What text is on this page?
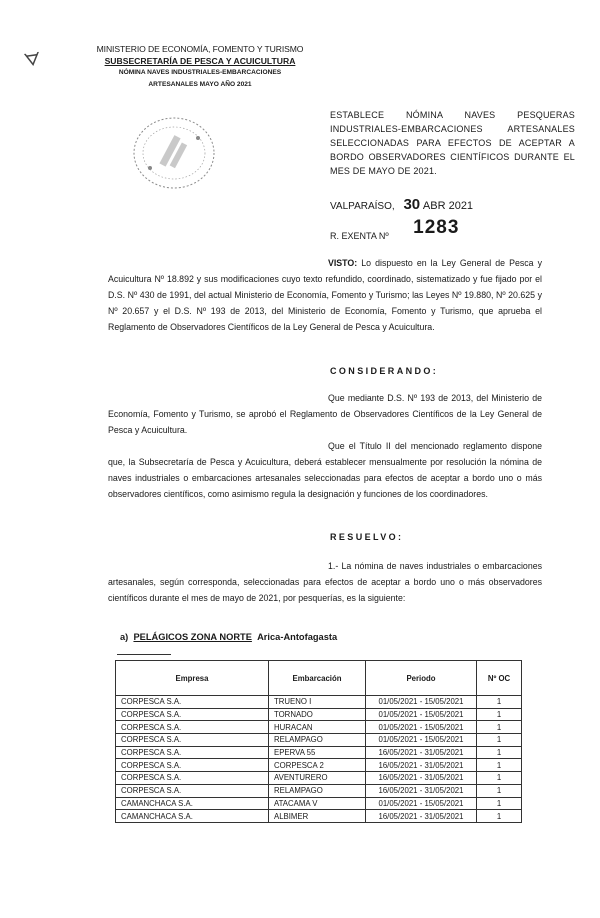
ᗊ	MINISTERIO DE ECONOMÍA, FOMENTO Y TURISMO
SUBSECRETARÍA DE PESCA Y ACUICULTURA
NÓMINA NAVES INDUSTRIALES-EMBARCACIONES
ARTESANALES MAYO AÑO 2021
ESTABLECE NÓMINA NAVES PESQUERAS INDUSTRIALES-EMBARCACIONES ARTESANALES SELECCIONADAS PARA EFECTOS DE ACEPTAR A BORDO OBSERVADORES CIENTÍFICOS DURANTE EL MES DE MAYO DE 2021.
VALPARAÍSO, 30 ABR 2021
R. EXENTA Nº 1283
VISTO: Lo dispuesto en la Ley General de Pesca y Acuicultura Nº 18.892 y sus modificaciones cuyo texto refundido, coordinado, sistematizado y fue fijado por el D.S. Nº 430 de 1991, del actual Ministerio de Economía, Fomento y Turismo; las Leyes Nº 19.880, Nº 20.625 y Nº 20.657 y el D.S. Nº 193 de 2013, del Ministerio de Economía, Fomento y Turismo, que aprueba el Reglamento de Observadores Científicos de la Ley General de Pesca y Acuicultura.
CONSIDERANDO:
Que mediante D.S. Nº 193 de 2013, del Ministerio de Economía, Fomento y Turismo, se aprobó el Reglamento de Observadores Científicos de la Ley General de Pesca y Acuicultura.
Que el Título II del mencionado reglamento dispone que, la Subsecretaría de Pesca y Acuicultura, deberá establecer mensualmente por resolución la nómina de naves industriales o embarcaciones artesanales seleccionadas para efectos de aceptar a bordo uno o más observadores científicos, como asimismo regula la designación y funciones de los coordinadores.
RESUELVO:
1.- La nómina de naves industriales o embarcaciones artesanales, según corresponda, seleccionadas para efectos de aceptar a bordo uno o más observadores científicos durante el mes de mayo de 2021, por pesquerías, es la siguiente:
a) PELÁGICOS ZONA NORTE Arica-Antofagasta
Empresa	Embarcación	Periodo	Nº OC
CORPESCA S.A.	TRUENO I	01/05/2021 - 15/05/2021	1
CORPESCA S.A.	TORNADO	01/05/2021 - 15/05/2021	1
CORPESCA S.A.	HURACAN	01/05/2021 - 15/05/2021	1
CORPESCA S.A.	RELAMPAGO	01/05/2021 - 15/05/2021	1
CORPESCA S.A.	EPERVA 55	16/05/2021 - 31/05/2021	1
CORPESCA S.A.	CORPESCA 2	16/05/2021 - 31/05/2021	1
CORPESCA S.A.	AVENTURERO	16/05/2021 - 31/05/2021	1
CORPESCA S.A.	RELAMPAGO	16/05/2021 - 31/05/2021	1
CAMANCHACA S.A.	ATACAMA V	01/05/2021 - 15/05/2021	1
CAMANCHACA S.A.	ALBIMER	16/05/2021 - 31/05/2021	1
